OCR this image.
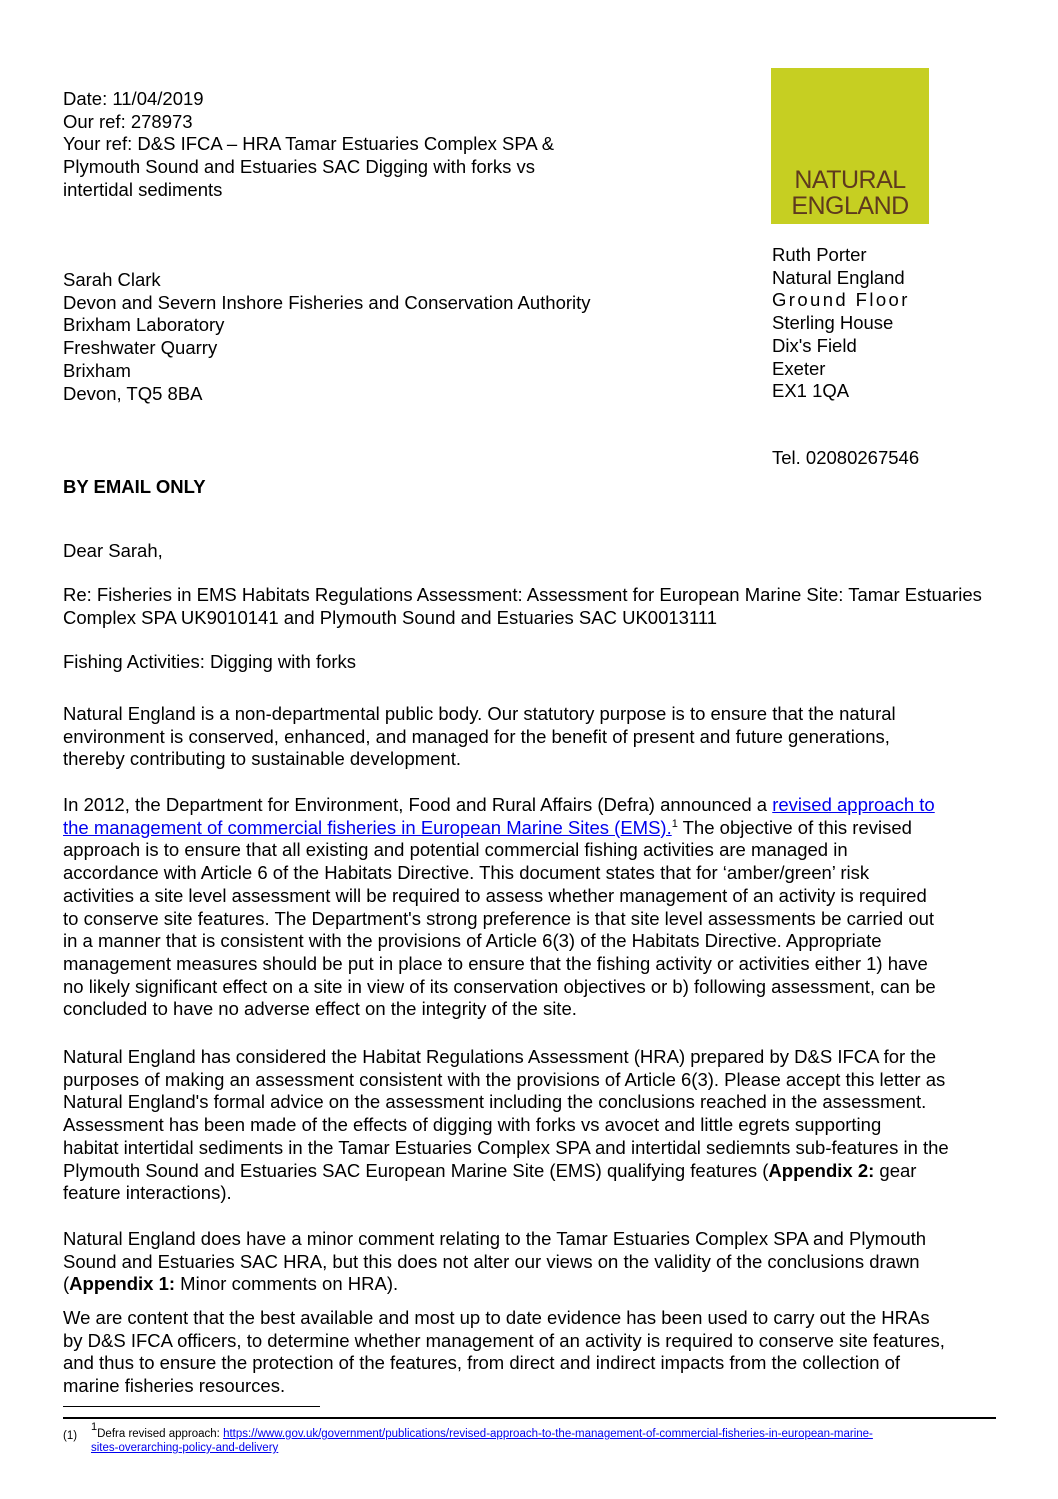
Date: 11/04/2019
Our ref: 278973
Your ref: D&S IFCA – HRA Tamar Estuaries Complex SPA &
Plymouth Sound and Estuaries SAC Digging with forks vs
intertidal sediments	NATURAL
ENGLAND
Sarah Clark
Devon and Severn Inshore Fisheries and Conservation Authority
Brixham Laboratory
Freshwater Quarry
Brixham
Devon, TQ5 8BA
Ruth Porter
Natural England
Ground Floor
Sterling House
Dix's Field
Exeter
EX1 1QA
Tel. 02080267546
BY EMAIL ONLY
Dear Sarah,
Re: Fisheries in EMS Habitats Regulations Assessment: Assessment for European Marine Site: Tamar Estuaries
Complex SPA UK9010141 and Plymouth Sound and Estuaries SAC UK0013111
Fishing Activities: Digging with forks
Natural England is a non-departmental public body. Our statutory purpose is to ensure that the natural
environment is conserved, enhanced, and managed for the benefit of present and future generations,
thereby contributing to sustainable development.
In 2012, the Department for Environment, Food and Rural Affairs (Defra) announced a revised approach to
the management of commercial fisheries in European Marine Sites (EMS).$^1$ The objective of this revised
approach is to ensure that all existing and potential commercial fishing activities are managed in
accordance with Article 6 of the Habitats Directive. This document states that for ‘amber/green’ risk
activities a site level assessment will be required to assess whether management of an activity is required
to conserve site features. The Department's strong preference is that site level assessments be carried out
in a manner that is consistent with the provisions of Article 6(3) of the Habitats Directive. Appropriate
management measures should be put in place to ensure that the fishing activity or activities either 1) have
no likely significant effect on a site in view of its conservation objectives or b) following assessment, can be
concluded to have no adverse effect on the integrity of the site.
Natural England has considered the Habitat Regulations Assessment (HRA) prepared by D&S IFCA for the
purposes of making an assessment consistent with the provisions of Article 6(3). Please accept this letter as
Natural England's formal advice on the assessment including the conclusions reached in the assessment.
Assessment has been made of the effects of digging with forks vs avocet and little egrets supporting
habitat intertidal sediments in the Tamar Estuaries Complex SPA and intertidal sediemnts sub-features in the
Plymouth Sound and Estuaries SAC European Marine Site (EMS) qualifying features (Appendix 2: gear
feature interactions).
Natural England does have a minor comment relating to the Tamar Estuaries Complex SPA and Plymouth
Sound and Estuaries SAC HRA, but this does not alter our views on the validity of the conclusions drawn
(Appendix 1: Minor comments on HRA).
We are content that the best available and most up to date evidence has been used to carry out the HRAs
by D&S IFCA officers, to determine whether management of an activity is required to conserve site features,
and thus to ensure the protection of the features, from direct and indirect impacts from the collection of
marine fisheries resources.
(1)
$^1$Defra revised approach: https://www.gov.uk/government/publications/revised-approach-to-the-management-of-commercial-fisheries-in-european-marine-
sites-overarching-policy-and-delivery
